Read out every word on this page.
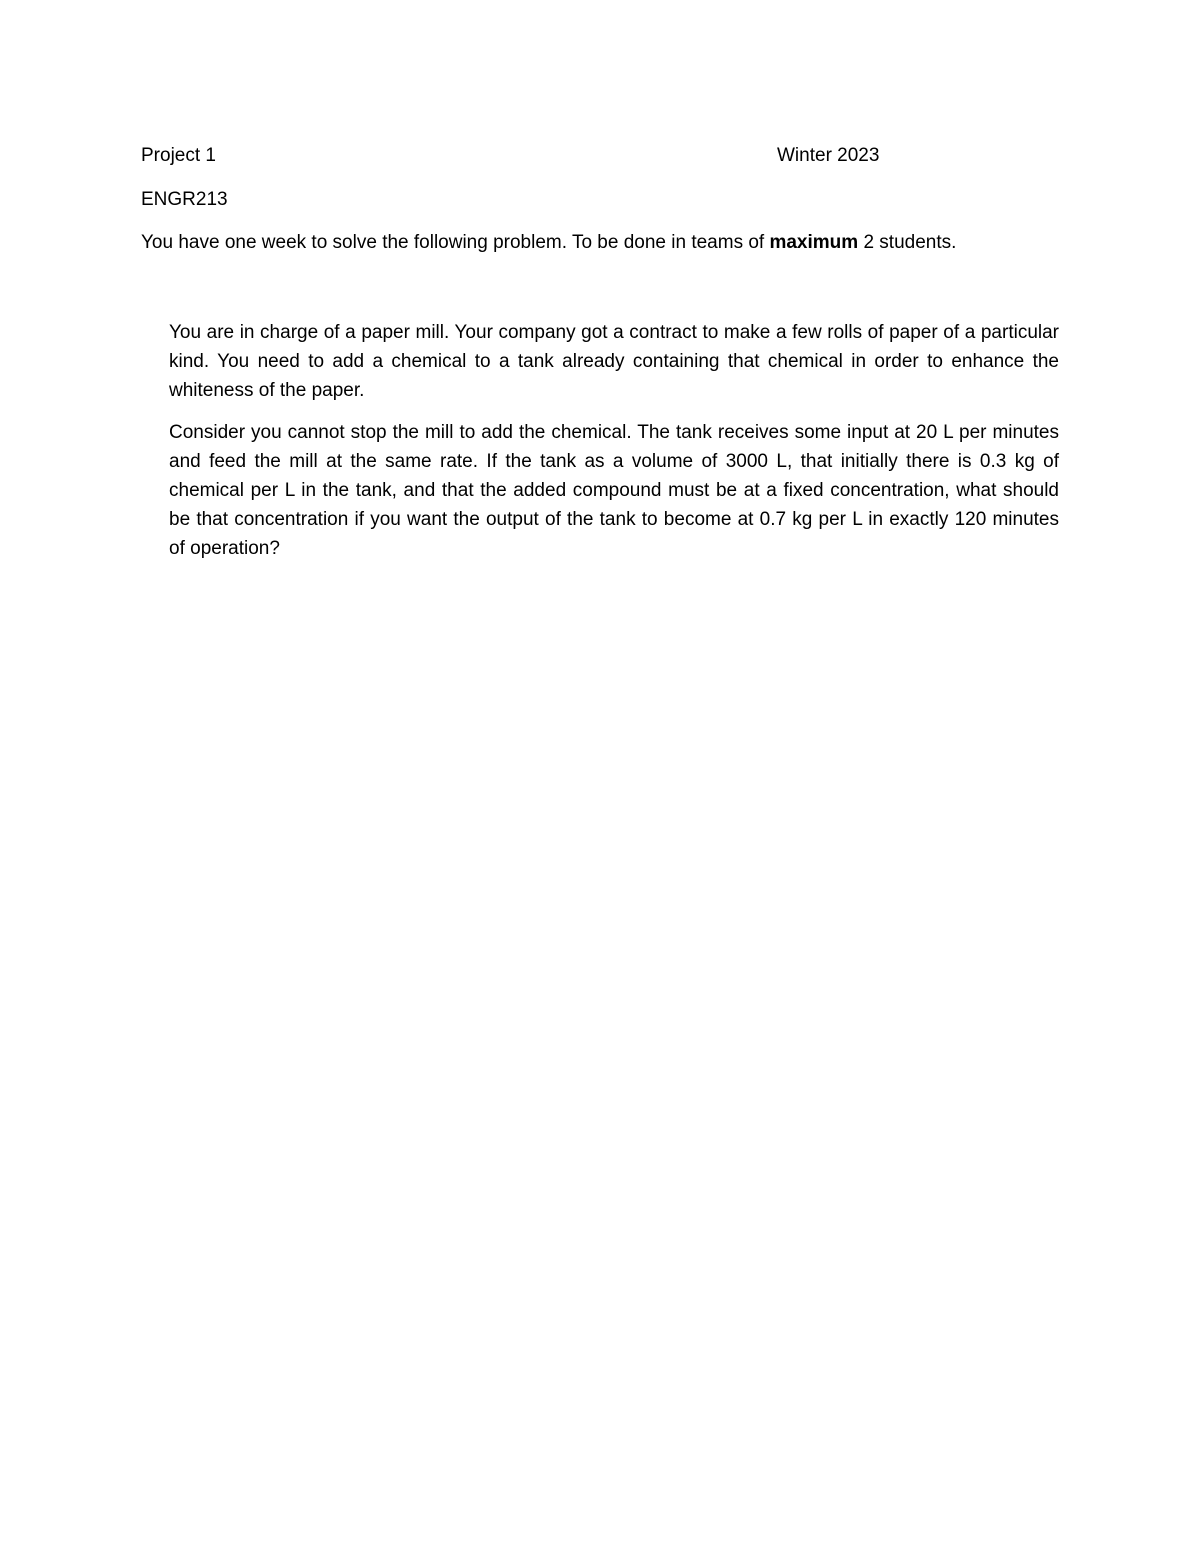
Project 1	Winter 2023
ENGR213
You have one week to solve the following problem. To be done in teams of maximum 2 students.

You are in charge of a paper mill. Your company got a contract to make a few rolls of paper of a particular kind. You need to add a chemical to a tank already containing that chemical in order to enhance the whiteness of the paper.

Consider you cannot stop the mill to add the chemical. The tank receives some input at 20 L per minutes and feed the mill at the same rate. If the tank as a volume of 3000 L, that initially there is 0.3 kg of chemical per L in the tank, and that the added compound must be at a fixed concentration, what should be that concentration if you want the output of the tank to become at 0.7 kg per L in exactly 120 minutes of operation?
